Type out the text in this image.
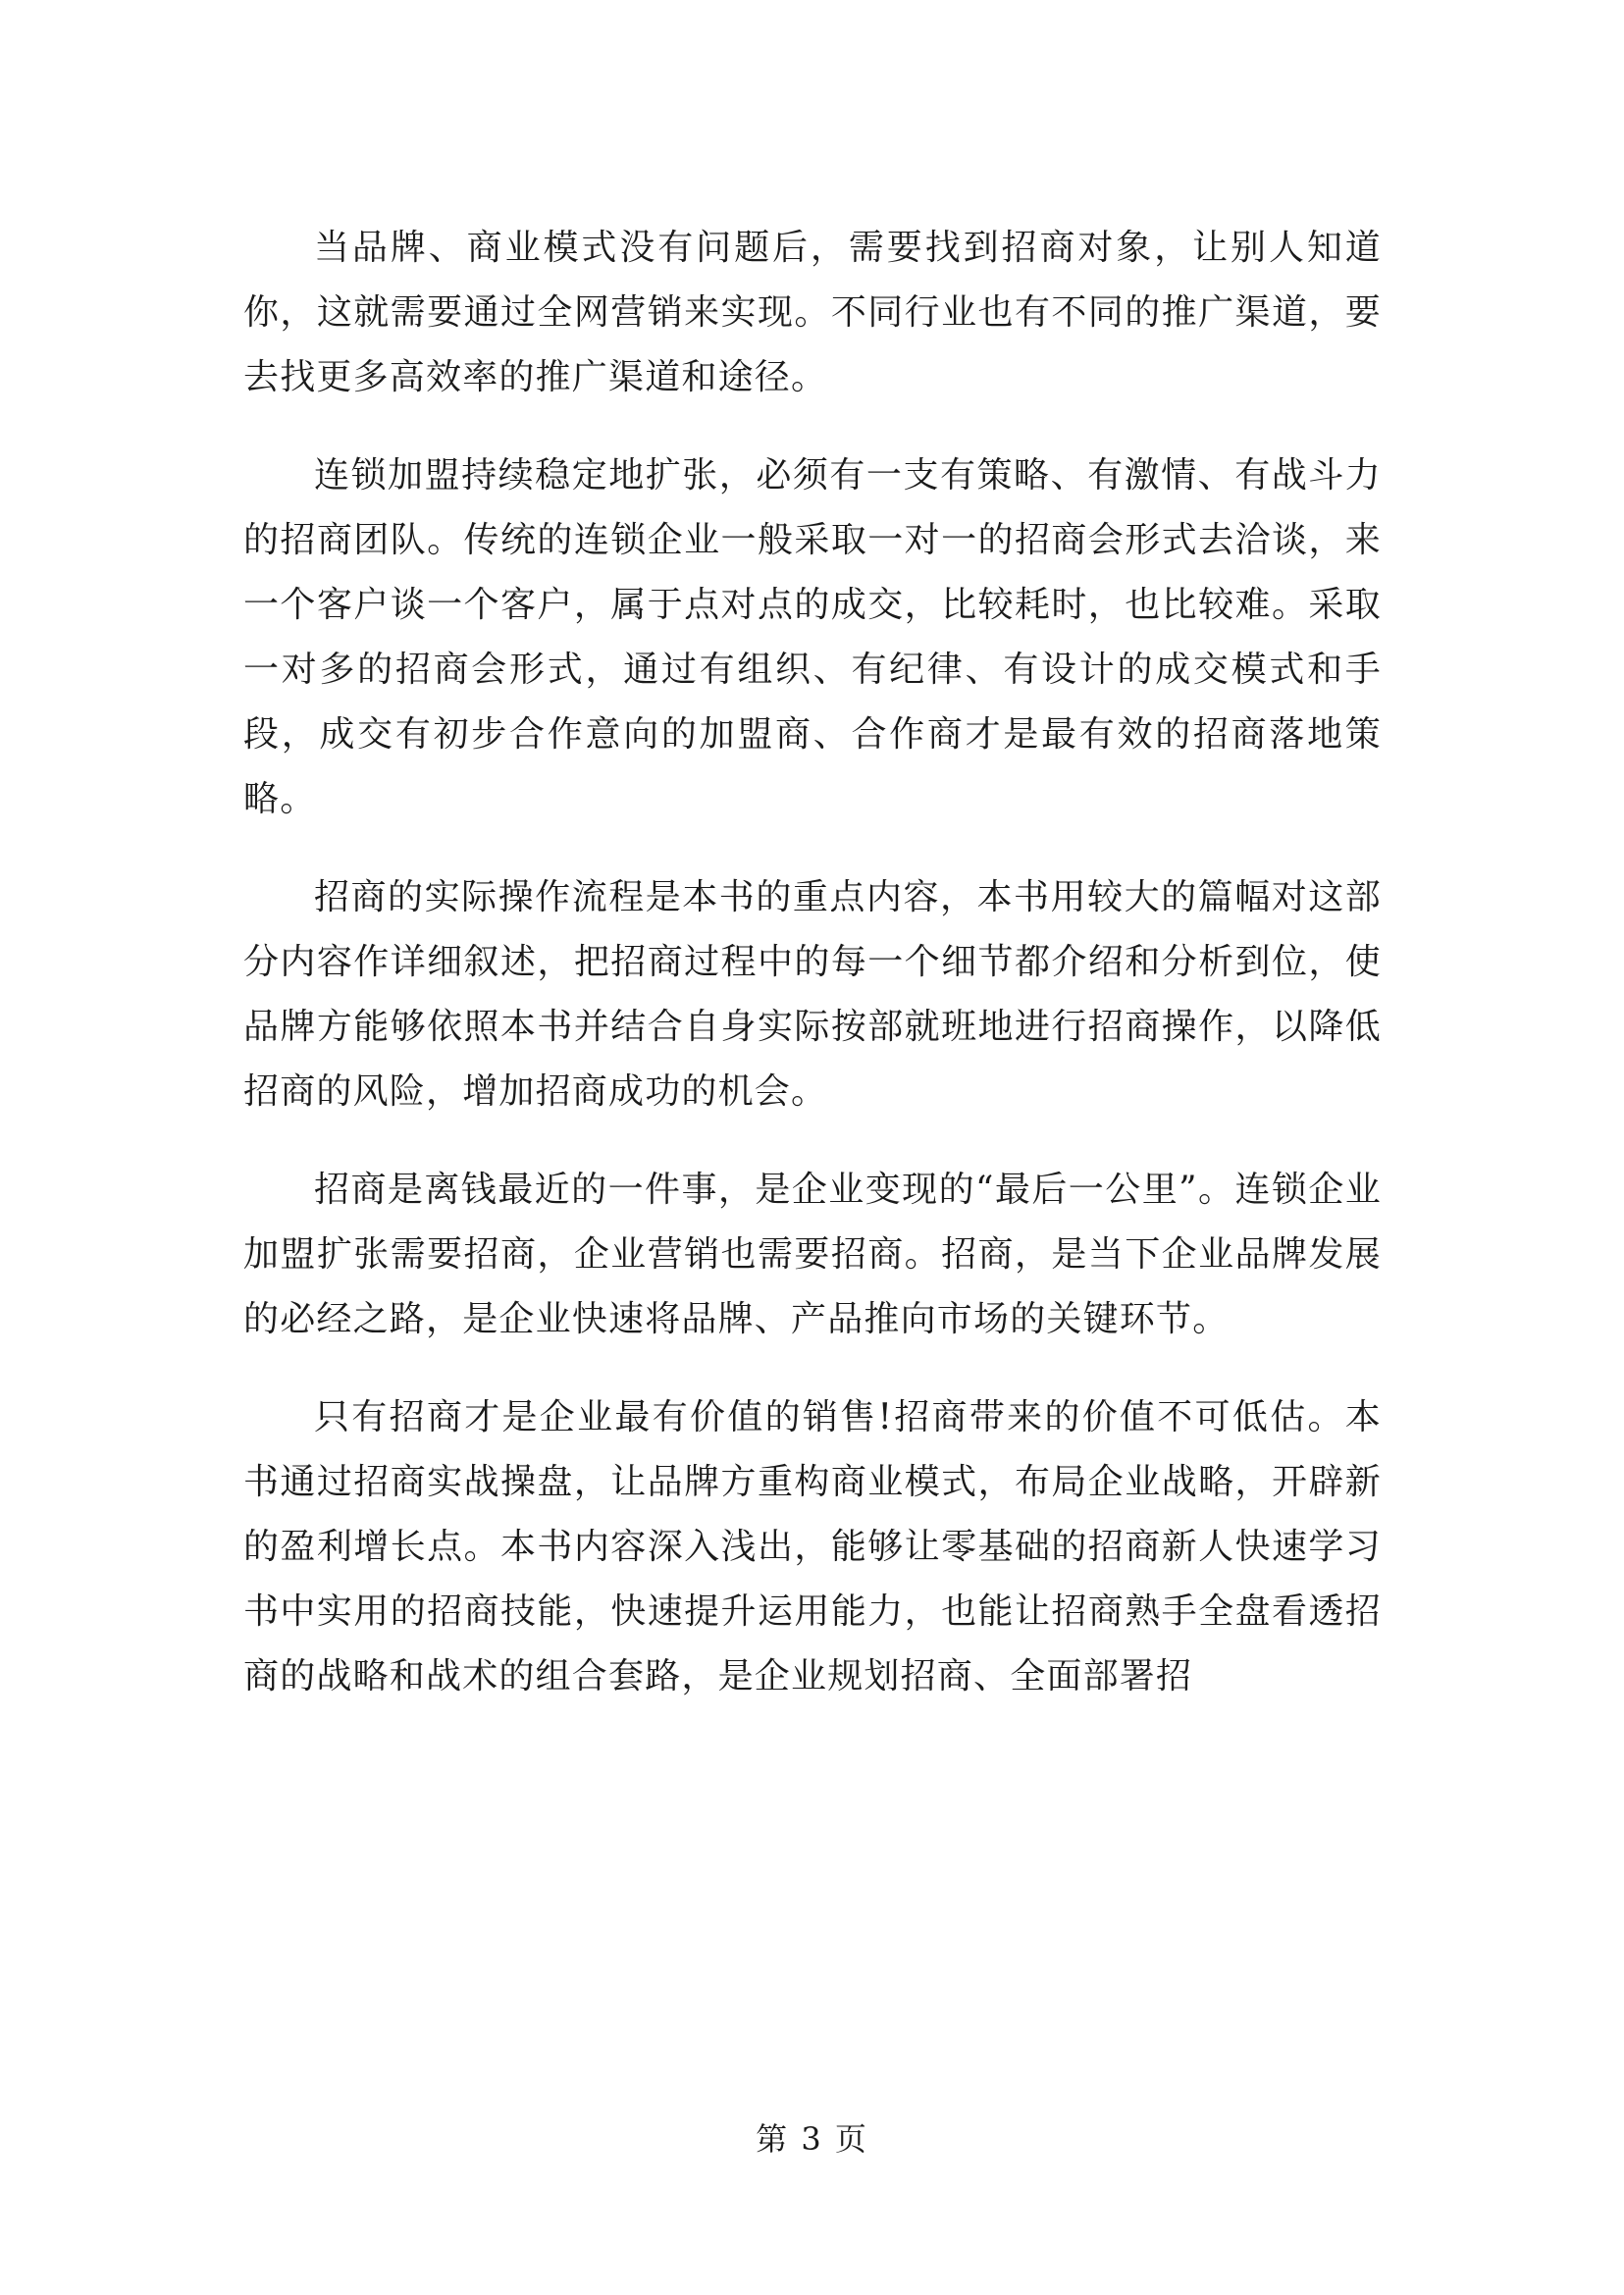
当品牌、商业模式没有问题后，需要找到招商对象，让别人知道你，这就需要通过全网营销来实现。不同行业也有不同的推广渠道，要去找更多高效率的推广渠道和途径。

连锁加盟持续稳定地扩张，必须有一支有策略、有激情、有战斗力的招商团队。传统的连锁企业一般采取一对一的招商会形式去洽谈，来一个客户谈一个客户，属于点对点的成交，比较耗时，也比较难。采取一对多的招商会形式，通过有组织、有纪律、有设计的成交模式和手段，成交有初步合作意向的加盟商、合作商才是最有效的招商落地策略。

招商的实际操作流程是本书的重点内容，本书用较大的篇幅对这部分内容作详细叙述，把招商过程中的每一个细节都介绍和分析到位，使品牌方能够依照本书并结合自身实际按部就班地进行招商操作，以降低招商的风险，增加招商成功的机会。

招商是离钱最近的一件事，是企业变现的“最后一公里”。连锁企业加盟扩张需要招商，企业营销也需要招商。招商，是当下企业品牌发展的必经之路，是企业快速将品牌、产品推向市场的关键环节。

只有招商才是企业最有价值的销售!招商带来的价值不可低估。本书通过招商实战操盘，让品牌方重构商业模式，布局企业战略，开辟新的盈利增长点。本书内容深入浅出，能够让零基础的招商新人快速学习书中实用的招商技能，快速提升运用能力，也能让招商熟手全盘看透招商的战略和战术的组合套路，是企业规划招商、全面部署招

第 3 页
